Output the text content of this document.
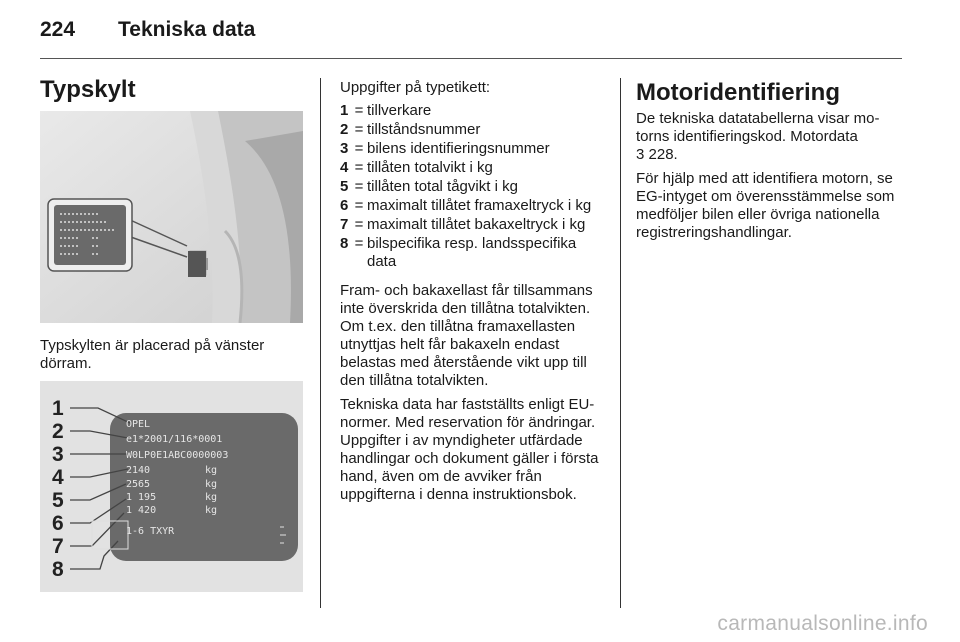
224 Tekniska data
Typskylt
Typskylten är placerad på vänster dörram.
1
2
3
4
5
6
7
8
OPEL
e1*2001/116*0001
W0LP0E1ABC0000003
2140
2565
1 195
1 420
1-6 TXYR
kg
kg
kg
kg

Uppgifter på typetikett:

1 = tillverkare
2 = tillståndsnummer
3 = bilens identifieringsnummer
4 = tillåten totalvikt i kg
5 = tillåten total tågvikt i kg
6 = maximalt tillåtet framaxeltryck i kg
7 = maximalt tillåtet bakaxeltryck i kg
8 = bilspecifika resp. landsspecifika data

Fram- och bakaxellast får tillsammans inte överskrida den tillåtna totalvikten. Om t.ex. den tillåtna framaxellasten utnyttjas helt får bakaxeln endast belastas med återstående vikt upp till den tillåtna totalvikten.

Tekniska data har fastställts enligt EU-normer. Med reservation för ändringar. Uppgifter i av myndigheter utfärdade handlingar och dokument gäller i första hand, även om de avviker från uppgifterna i denna instruktionsbok.

Motoridentifiering

De tekniska datatabellerna visar motorns identifieringskod. Motordata
3 228.

För hjälp med att identifiera motorn, se EG-intyget om överensstämmelse som medföljer bilen eller övriga nationella registreringshandlingar.

carmanualsonline.info
